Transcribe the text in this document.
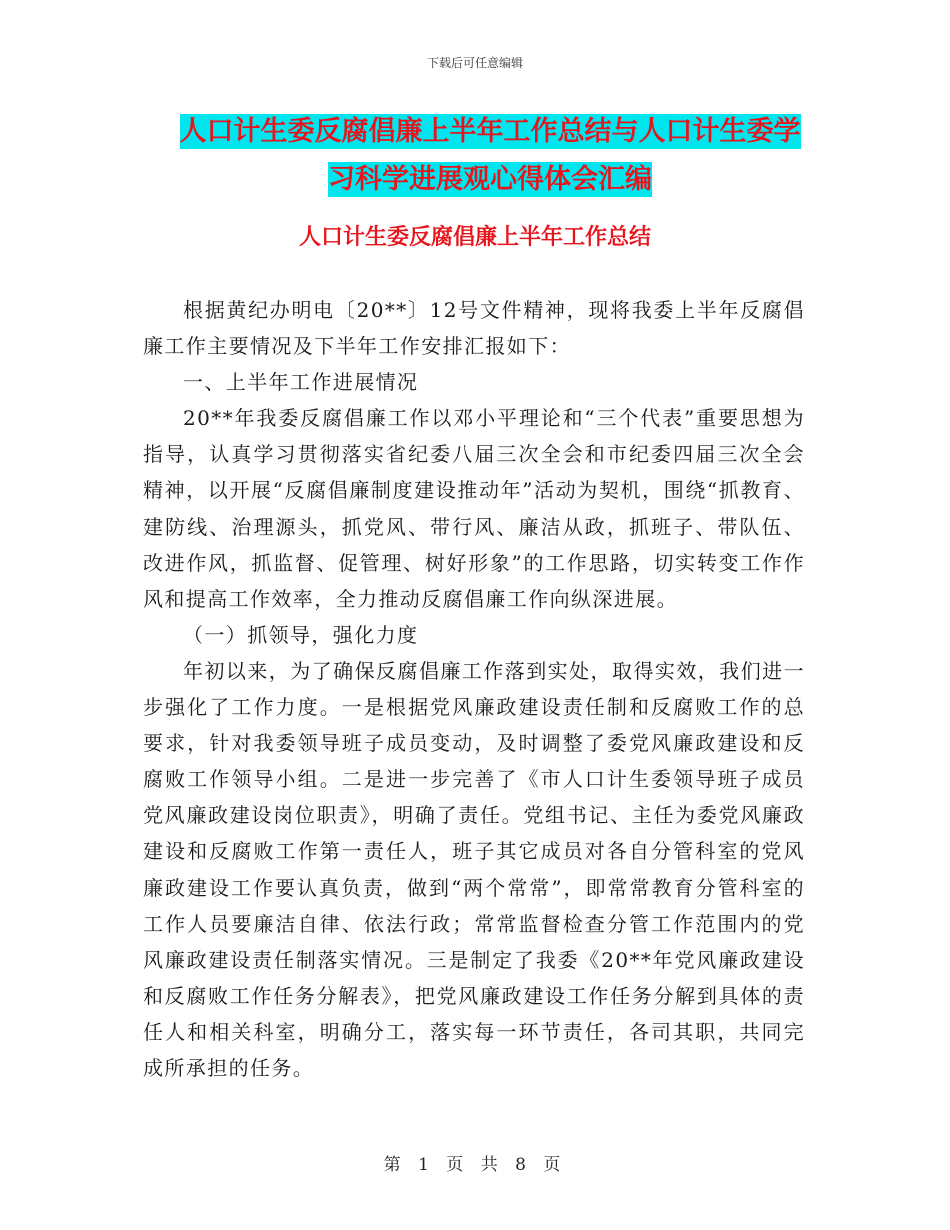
下载后可任意编辑
人口计生委反腐倡廉上半年工作总结与人口计生委学
习科学进展观心得体会汇编
人口计生委反腐倡廉上半年工作总结

根据黄纪办明电〔20**〕12号文件精神，现将我委上半年反腐倡廉工作主要情况及下半年工作安排汇报如下：

一、上半年工作进展情况

20**年我委反腐倡廉工作以邓小平理论和“三个代表”重要思想为指导，认真学习贯彻落实省纪委八届三次全会和市纪委四届三次全会精神，以开展“反腐倡廉制度建设推动年”活动为契机，围绕“抓教育、建防线、治理源头，抓党风、带行风、廉洁从政，抓班子、带队伍、改进作风，抓监督、促管理、树好形象”的工作思路，切实转变工作作风和提高工作效率，全力推动反腐倡廉工作向纵深进展。

（一）抓领导，强化力度

年初以来，为了确保反腐倡廉工作落到实处，取得实效，我们进一步强化了工作力度。一是根据党风廉政建设责任制和反腐败工作的总要求，针对我委领导班子成员变动，及时调整了委党风廉政建设和反腐败工作领导小组。二是进一步完善了《市人口计生委领导班子成员党风廉政建设岗位职责》，明确了责任。党组书记、主任为委党风廉政建设和反腐败工作第一责任人，班子其它成员对各自分管科室的党风廉政建设工作要认真负责，做到“两个常常”，即常常教育分管科室的工作人员要廉洁自律、依法行政；常常监督检查分管工作范围内的党风廉政建设责任制落实情况。三是制定了我委《20**年党风廉政建设和反腐败工作任务分解表》，把党风廉政建设工作任务分解到具体的责任人和相关科室，明确分工，落实每一环节责任，各司其职，共同完成所承担的任务。

第 1 页 共 8 页
